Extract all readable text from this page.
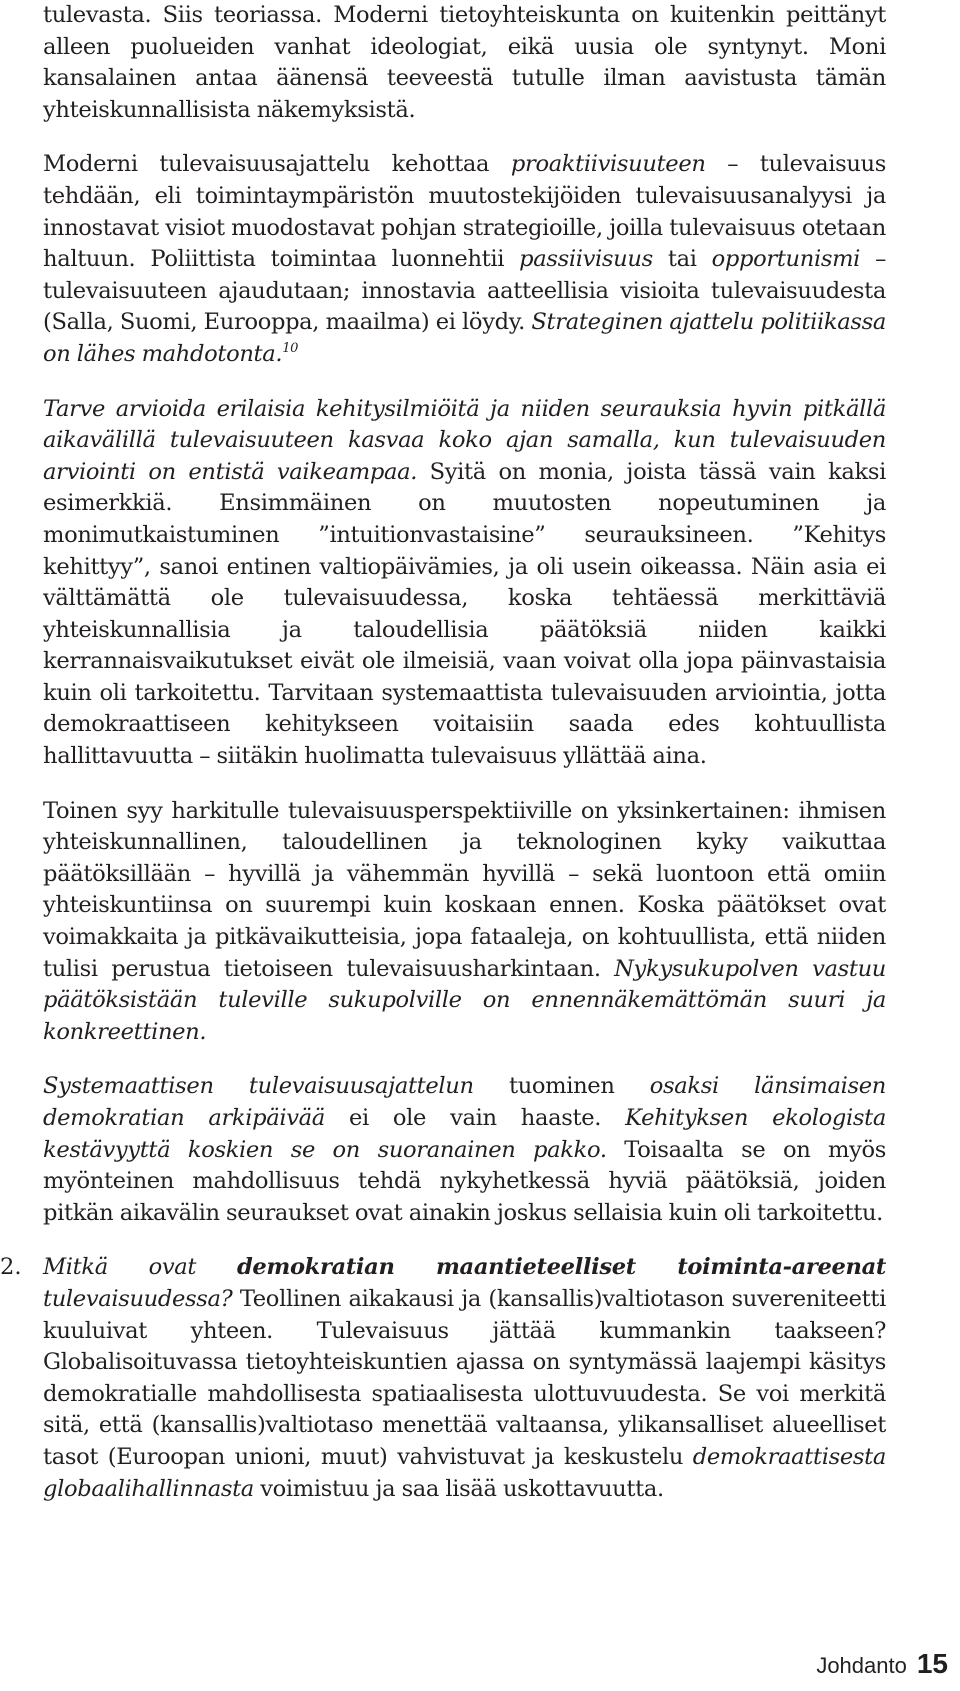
tulevasta. Siis teoriassa. Moderni tietoyhteiskunta on kuitenkin peittänyt alleen puolueiden vanhat ideologiat, eikä uusia ole syntynyt. Moni kansalainen antaa äänensä teeveestä tutulle ilman aavistusta tämän yhteiskunnallisista näkemyksistä.

Moderni tulevaisuusajattelu kehottaa proaktiivisuuteen – tulevaisuus tehdään, eli toimintaympäristön muutostekijöiden tulevaisuusanalyysi ja innostavat visiot muodostavat pohjan strategioille, joilla tulevaisuus otetaan haltuun. Poliittista toimintaa luonnehtii passiivisuus tai opportunismi – tulevaisuuteen ajaudutaan; innostavia aatteellisia visioita tulevaisuudesta (Salla, Suomi, Eurooppa, maailma) ei löydy. Strateginen ajattelu politiikassa on lähes mahdotonta.$^{10}$

Tarve arvioida erilaisia kehitysilmiöitä ja niiden seurauksia hyvin pitkällä aikavälillä tulevaisuuteen kasvaa koko ajan samalla, kun tulevaisuuden arviointi on entistä vaikeampaa. Syitä on monia, joista tässä vain kaksi esimerkkiä. Ensimmäinen on muutosten nopeutuminen ja monimutkaistuminen ”intuitionvastaisine” seurauksineen. ”Kehitys kehittyy”, sanoi entinen valtiopäivämies, ja oli usein oikeassa. Näin asia ei välttämättä ole tulevaisuudessa, koska tehtäessä merkittäviä yhteiskunnallisia ja taloudellisia päätöksiä niiden kaikki kerrannaisvaikutukset eivät ole ilmeisiä, vaan voivat olla jopa päinvastaisia kuin oli tarkoitettu. Tarvitaan systemaattista tulevaisuuden arviointia, jotta demokraattiseen kehitykseen voitaisiin saada edes kohtuullista hallittavuutta – siitäkin huolimatta tulevaisuus yllättää aina.

Toinen syy harkitulle tulevaisuusperspektiiville on yksinkertainen: ihmisen yhteiskunnallinen, taloudellinen ja teknologinen kyky vaikuttaa päätöksillään – hyvillä ja vähemmän hyvillä – sekä luontoon että omiin yhteiskuntiinsa on suurempi kuin koskaan ennen. Koska päätökset ovat voimakkaita ja pitkävaikutteisia, jopa fataaleja, on kohtuullista, että niiden tulisi perustua tietoiseen tulevaisuusharkintaan. Nykysukupolven vastuu päätöksistään tuleville sukupolville on ennennäkemättömän suuri ja konkreettinen.

Systemaattisen tulevaisuusajattelun tuominen osaksi länsimaisen demokratian arkipäivää ei ole vain haaste. Kehityksen ekologista kestävyyttä koskien se on suoranainen pakko. Toisaalta se on myös myönteinen mahdollisuus tehdä nykyhetkessä hyviä päätöksiä, joiden pitkän aikavälin seuraukset ovat ainakin joskus sellaisia kuin oli tarkoitettu.

2. Mitkä ovat demokratian maantieteelliset toiminta-areenat tulevaisuudessa? Teollinen aikakausi ja (kansallis)valtiotason suvereniteetti kuuluivat yhteen. Tulevaisuus jättää kummankin taakseen? Globalisoituvassa tietoyhteiskuntien ajassa on syntymässä laajempi käsitys demokratialle mahdollisesta spatiaalisesta ulottuvuudesta. Se voi merkitä sitä, että (kansallis)valtiotaso menettää valtaansa, ylikansalliset alueelliset tasot (Euroopan unioni, muut) vahvistuvat ja keskustelu demokraattisesta globaalihallinnasta voimistuu ja saa lisää uskottavuutta.

Johdanto 15
